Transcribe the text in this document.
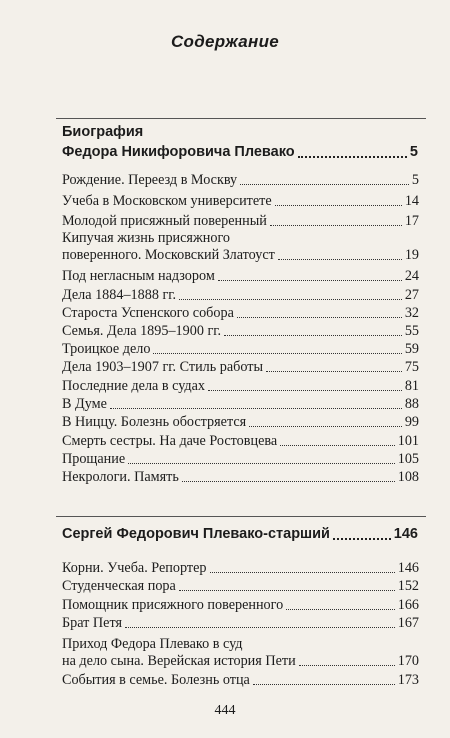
Содержание
Биография
Федора Никифоровича Плевако	5
Рождение. Переезд в Москву	5
Учеба в Московском университете	14
Молодой присяжный поверенный	17
Кипучая жизнь присяжного
поверенного. Московский Златоуст	19
Под негласным надзором	24
Дела 1884–1888 гг.	27
Староста Успенского собора	32
Семья. Дела 1895–1900 гг.	55
Троицкое дело	59
Дела 1903–1907 гг. Стиль работы	75
Последние дела в судах	81
В Думе	88
В Ниццу. Болезнь обостряется	99
Смерть сестры. На даче Ростовцева	101
Прощание	105
Некрологи. Память	108
Сергей Федорович Плевако-старший	146
Корни. Учеба. Репортер	146
Студенческая пора	152
Помощник присяжного поверенного	166
Брат Петя	167
Приход Федора Плевако в суд
на дело сына. Верейская история Пети	170
События в семье. Болезнь отца	173
444
